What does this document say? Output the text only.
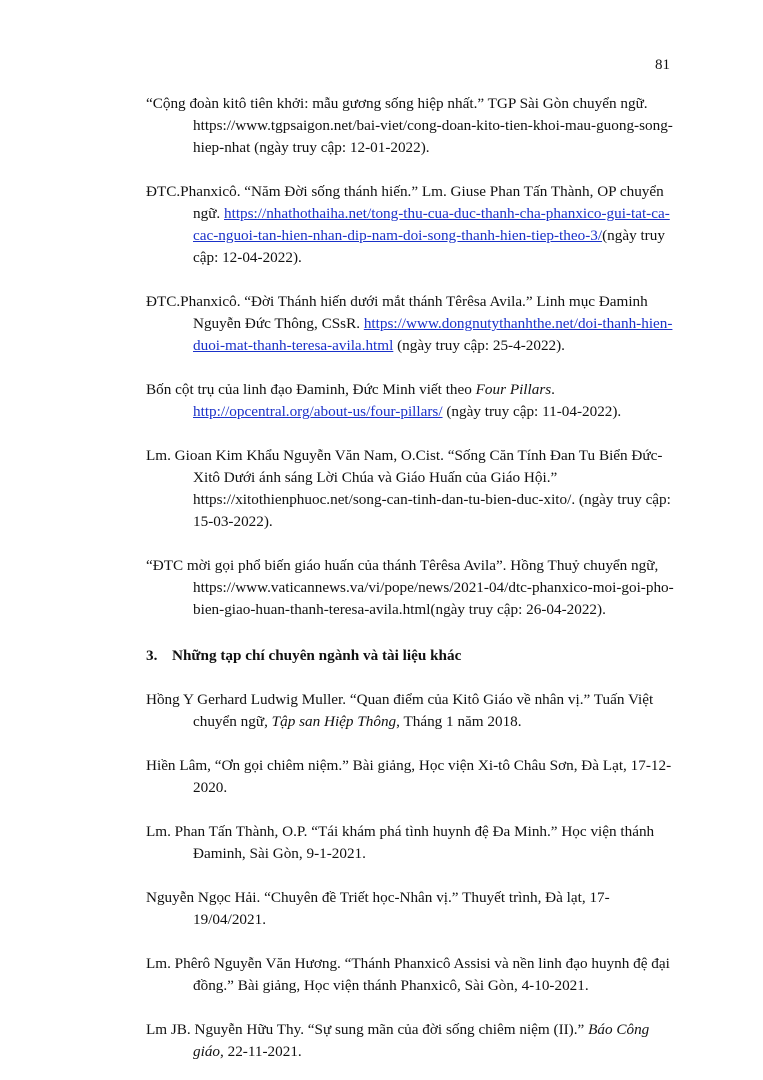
81

“Cộng đoàn kitô tiên khởi: mẫu gương sống hiệp nhất.” TGP Sài Gòn chuyển ngữ. https://www.tgpsaigon.net/bai-viet/cong-doan-kito-tien-khoi-mau-guong-song-hiep-nhat (ngày truy cập: 12-01-2022).

ĐTC.Phanxicô. “Năm Đời sống thánh hiến.” Lm. Giuse Phan Tấn Thành, OP chuyển ngữ. https://nhathothaiha.net/tong-thu-cua-duc-thanh-cha-phanxico-gui-tat-ca-cac-nguoi-tan-hien-nhan-dip-nam-doi-song-thanh-hien-tiep-theo-3/(ngày truy cập: 12-04-2022).

ĐTC.Phanxicô. “Đời Thánh hiến dưới mắt thánh Têrêsa Avila.” Linh mục Đaminh Nguyễn Đức Thông, CSsR. https://www.dongnutythanhthe.net/doi-thanh-hien-duoi-mat-thanh-teresa-avila.html (ngày truy cập: 25-4-2022).

Bốn cột trụ của linh đạo Đaminh, Đức Minh viết theo Four Pillars. http://opcentral.org/about-us/four-pillars/ (ngày truy cập: 11-04-2022).

Lm. Gioan Kim Khẩu Nguyễn Văn Nam, O.Cist. “Sống Căn Tính Đan Tu Biển Đức-Xitô Dưới ánh sáng Lời Chúa và Giáo Huấn của Giáo Hội.” https://xitothienphuoc.net/song-can-tinh-dan-tu-bien-duc-xito/. (ngày truy cập: 15-03-2022).

“ĐTC mời gọi phổ biến giáo huấn của thánh Têrêsa Avila”. Hồng Thuỷ chuyển ngữ, https://www.vaticannews.va/vi/pope/news/2021-04/dtc-phanxico-moi-goi-pho-bien-giao-huan-thanh-teresa-avila.html(ngày truy cập: 26-04-2022).

3. Những tạp chí chuyên ngành và tài liệu khác

Hồng Y Gerhard Ludwig Muller. “Quan điểm của Kitô Giáo về nhân vị.” Tuấn Việt chuyển ngữ, Tập san Hiệp Thông, Tháng 1 năm 2018.

Hiền Lâm, “Ơn gọi chiêm niệm.” Bài giảng, Học viện Xi-tô Châu Sơn, Đà Lạt, 17-12-2020.

Lm. Phan Tấn Thành, O.P. “Tái khám phá tình huynh đệ Đa Minh.” Học viện thánh Đaminh, Sài Gòn, 9-1-2021.

Nguyễn Ngọc Hải. “Chuyên đề Triết học-Nhân vị.” Thuyết trình, Đà lạt, 17-19/04/2021.

Lm. Phêrô Nguyễn Văn Hương. “Thánh Phanxicô Assisi và nền linh đạo huynh đệ đại đồng.” Bài giảng, Học viện thánh Phanxicô, Sài Gòn, 4-10-2021.

Lm JB. Nguyễn Hữu Thy. “Sự sung mãn của đời sống chiêm niệm (II).” Báo Công giáo, 22-11-2021.
